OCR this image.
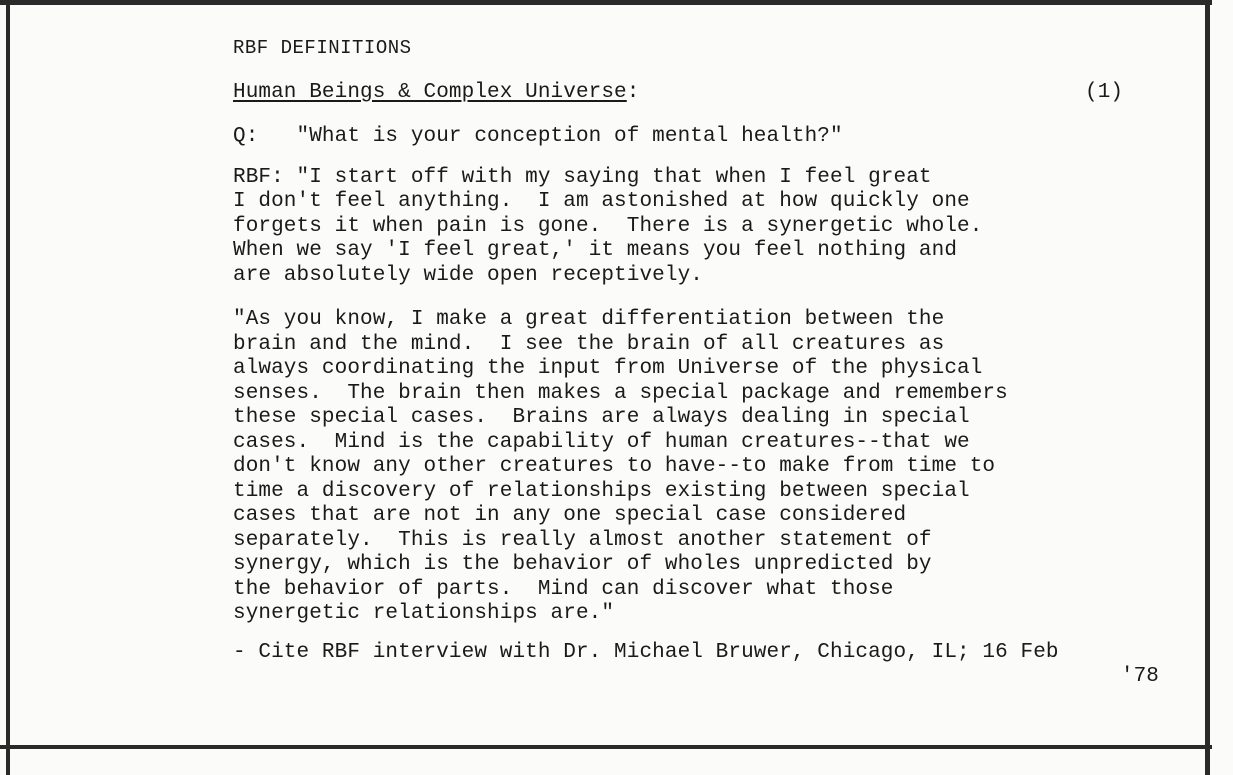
RBF DEFINITIONS
Human Beings & Complex Universe:	(1)
Q:   "What is your conception of mental health?"
RBF: "I start off with my saying that when I feel great
I don't feel anything.  I am astonished at how quickly one
forgets it when pain is gone.  There is a synergetic whole.
When we say 'I feel great,' it means you feel nothing and
are absolutely wide open receptively.
"As you know, I make a great differentiation between the
brain and the mind.  I see the brain of all creatures as
always coordinating the input from Universe of the physical
senses.  The brain then makes a special package and remembers
these special cases.  Brains are always dealing in special
cases.  Mind is the capability of human creatures--that we
don't know any other creatures to have--to make from time to
time a discovery of relationships existing between special
cases that are not in any one special case considered
separately.  This is really almost another statement of
synergy, which is the behavior of wholes unpredicted by
the behavior of parts.  Mind can discover what those
synergetic relationships are."
- Cite RBF interview with Dr. Michael Bruwer, Chicago, IL; 16 Feb
'78
